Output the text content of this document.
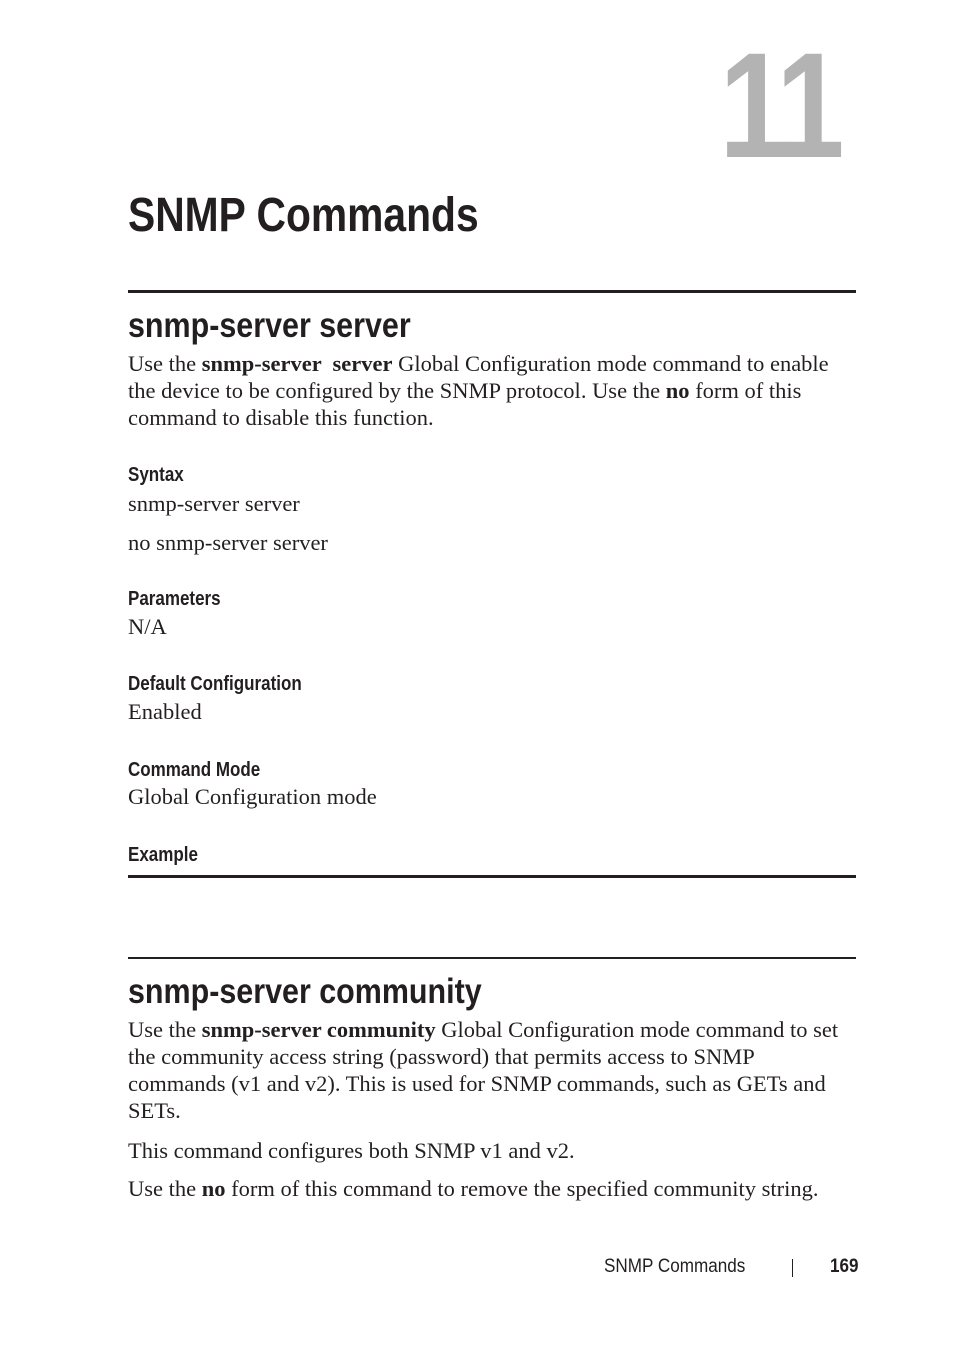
11
SNMP Commands
snmp-server server
Use the snmp-server  server Global Configuration mode command to enable the device to be configured by the SNMP protocol. Use the no form of this command to disable this function.
Syntax
snmp-server server
no snmp-server server
Parameters
N/A
Default Configuration
Enabled
Command Mode
Global Configuration mode
Example
snmp-server community
Use the snmp-server community Global Configuration mode command to set the community access string (password) that permits access to SNMP commands (v1 and v2). This is used for SNMP commands, such as GETs and SETs.
This command configures both SNMP v1 and v2.
Use the no form of this command to remove the specified community string.
SNMP Commands	169
